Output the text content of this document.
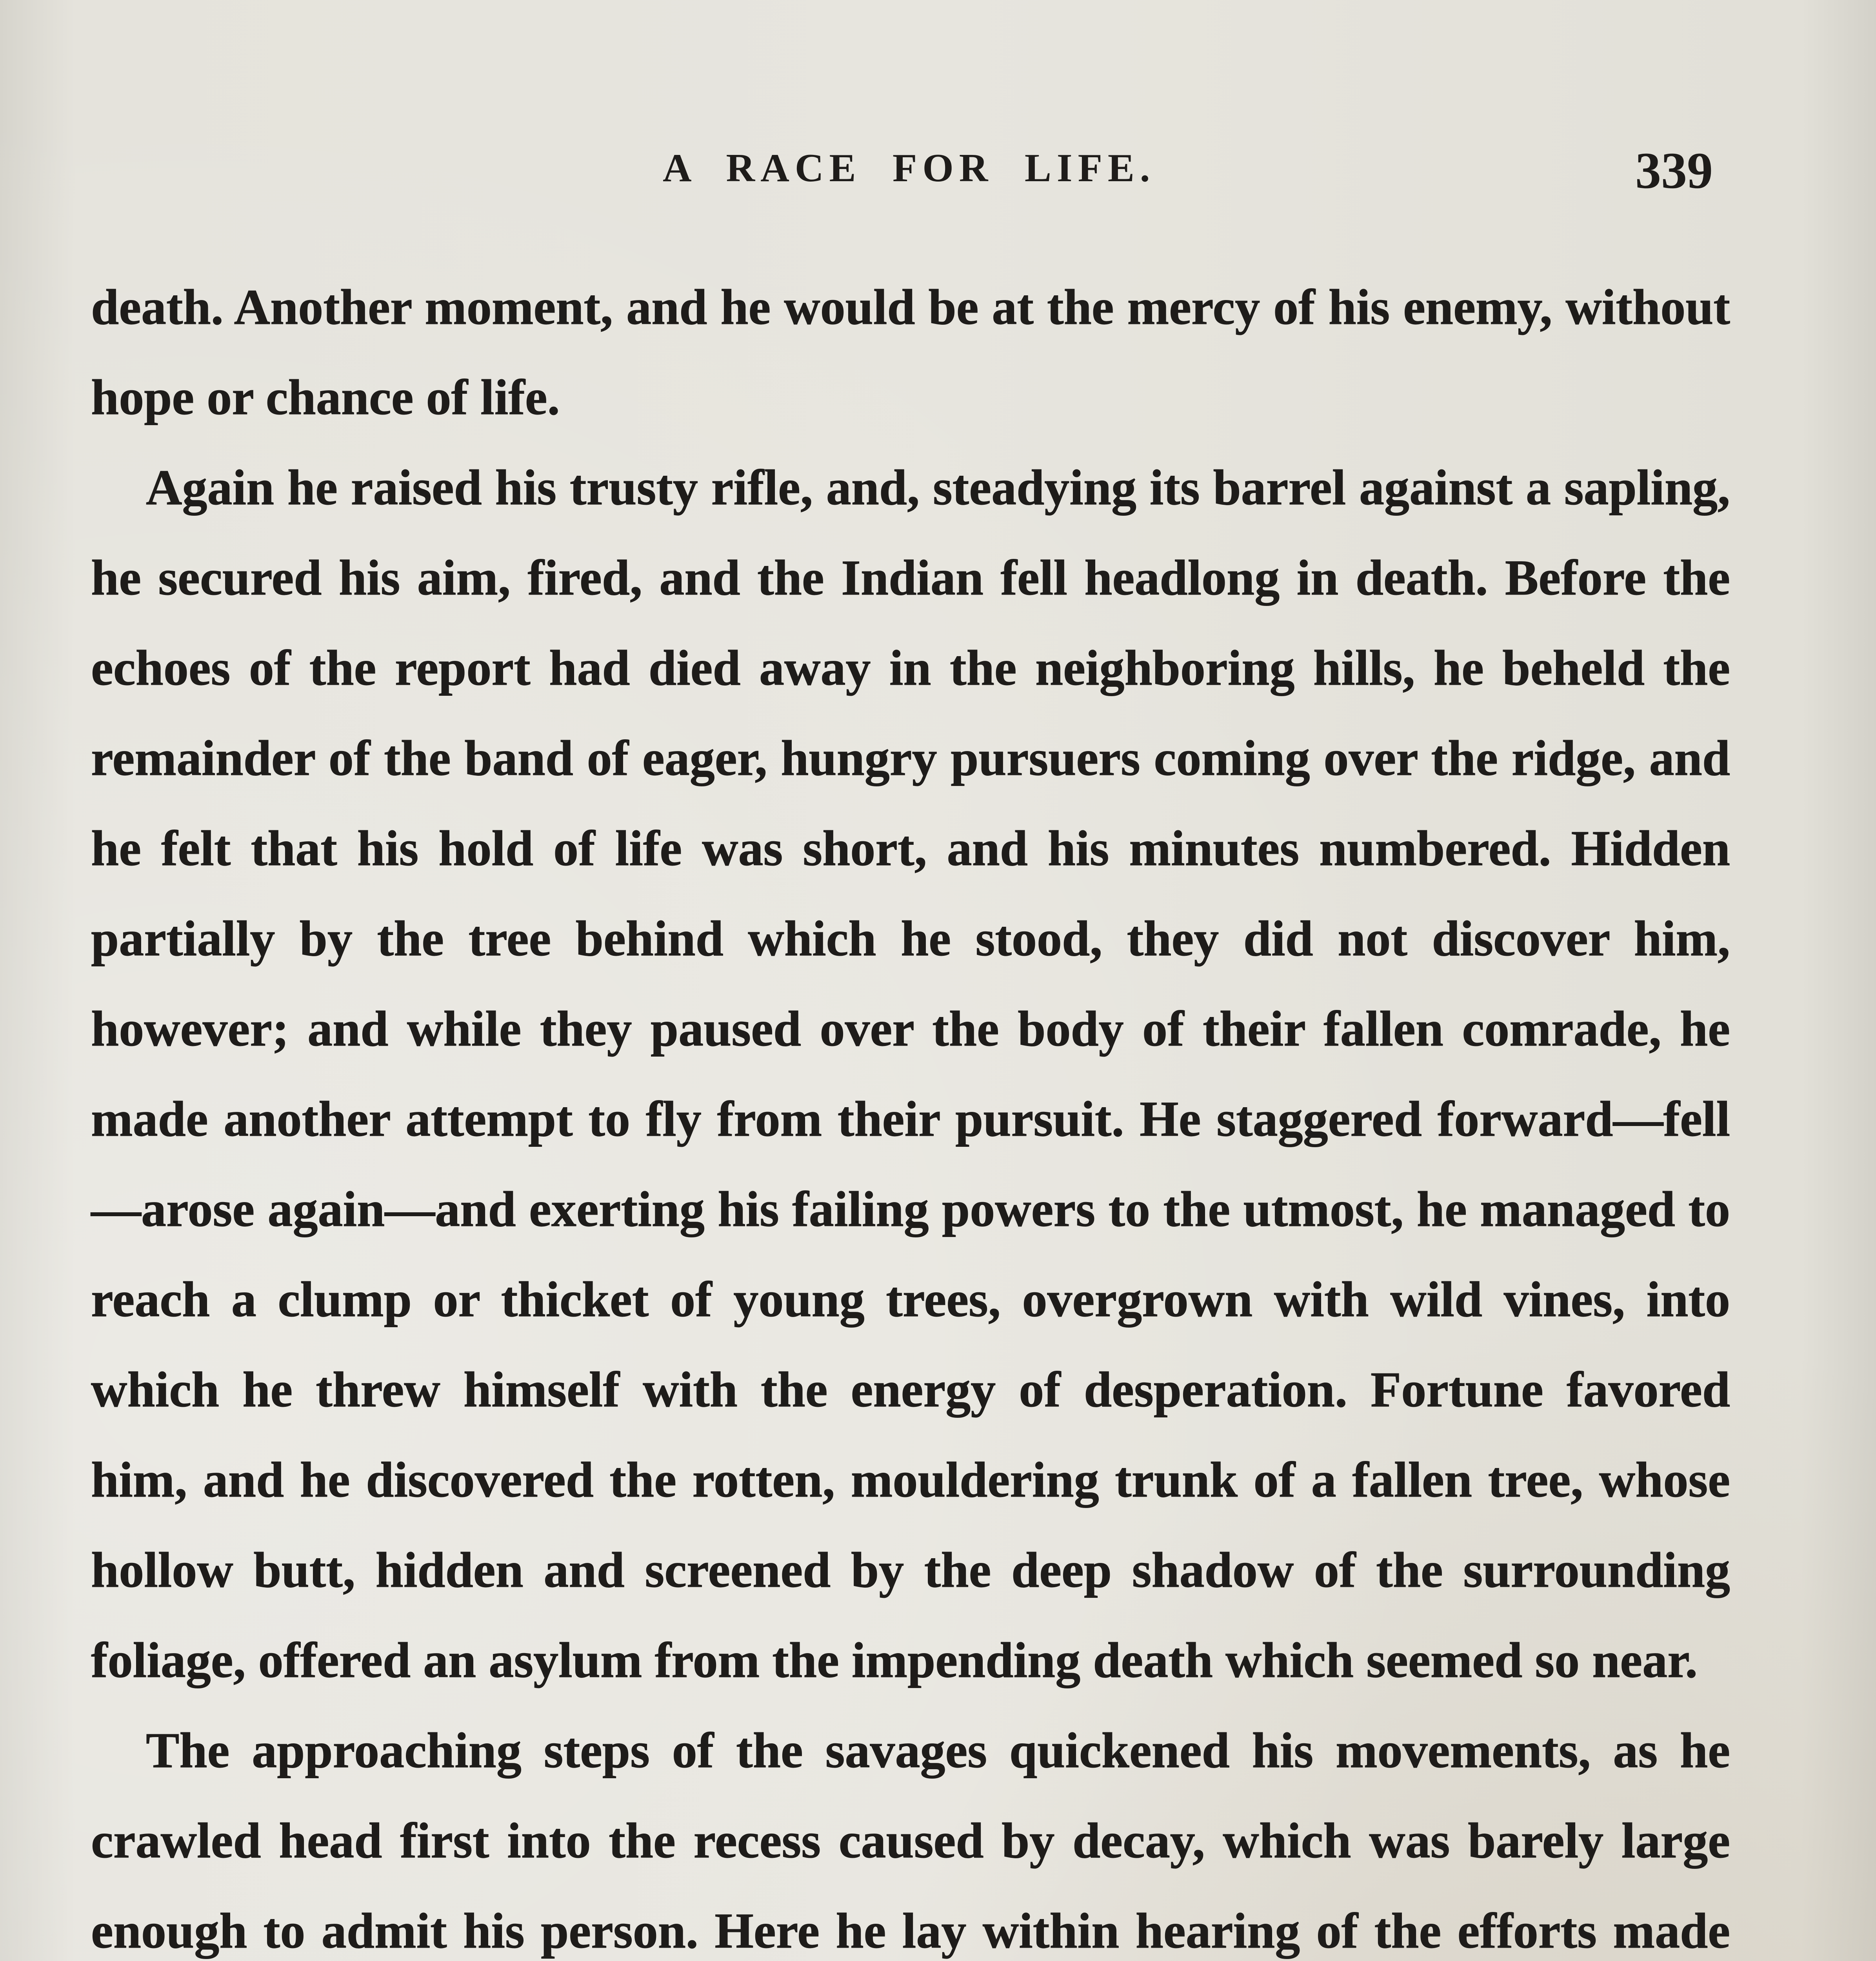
A RACE FOR LIFE.	339

death. Another moment, and he would be at the mercy of his enemy, without hope or chance of life.

Again he raised his trusty rifle, and, steadying its barrel against a sapling, he secured his aim, fired, and the Indian fell headlong in death. Before the echoes of the report had died away in the neighboring hills, he beheld the remainder of the band of eager, hungry pursuers coming over the ridge, and he felt that his hold of life was short, and his minutes numbered. Hidden partially by the tree behind which he stood, they did not discover him, however; and while they paused over the body of their fallen comrade, he made another attempt to fly from their pursuit. He staggered forward—fell—arose again—and exerting his failing powers to the utmost, he managed to reach a clump or thicket of young trees, overgrown with wild vines, into which he threw himself with the energy of desperation. Fortune favored him, and he discovered the rotten, mouldering trunk of a fallen tree, whose hollow butt, hidden and screened by the deep shadow of the surrounding foliage, offered an asylum from the impending death which seemed so near.

The approaching steps of the savages quickened his movements, as he crawled head first into the recess caused by decay, which was barely large enough to admit his person. Here he lay within hearing of the efforts made
